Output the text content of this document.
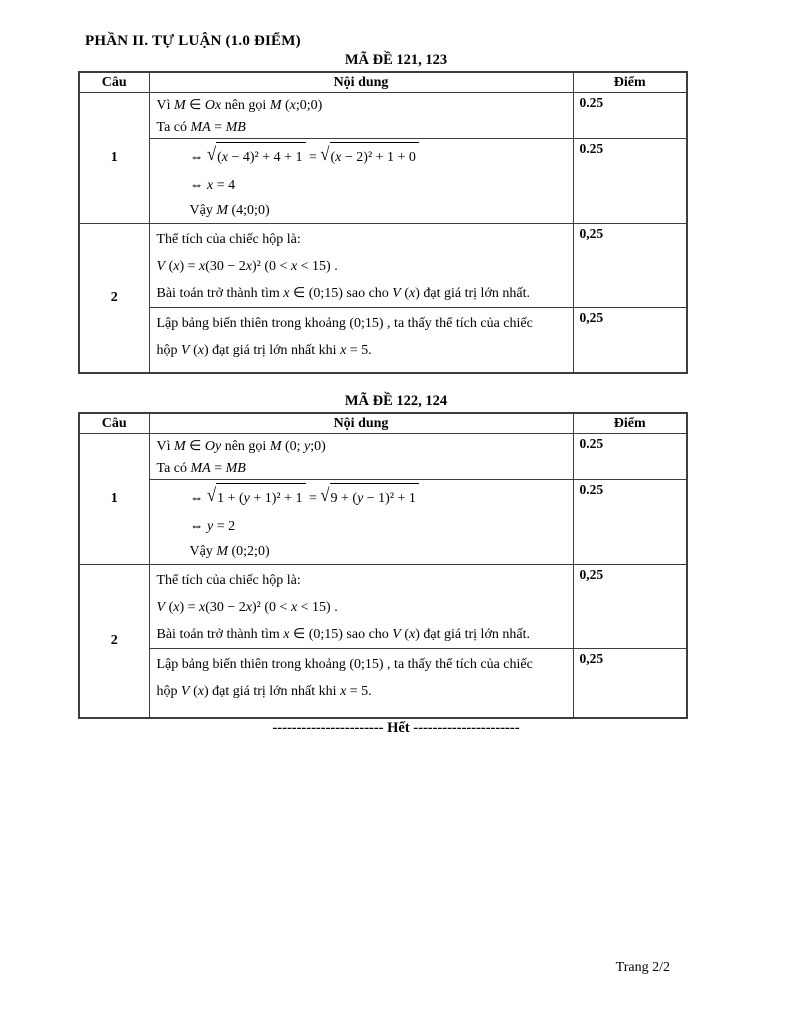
PHẦN II. TỰ LUẬN (1.0 ĐIỂM)
MÃ ĐỀ 121, 123
Câu	Nội dung	Điểm
1	Vì M ∈ Ox nên gọi M (x;0;0)
Ta có MA = MB	0.25

	⇔ √(x − 4)² + 4 + 1 = √(x − 2)² + 1 + 0
⇔ x = 4
Vậy M (4;0;0)	0.25
2	Thể tích của chiếc hộp là:
V (x) = x(30 − 2x)² (0 < x < 15) .
Bài toán trở thành tìm x ∈ (0;15) sao cho V (x) đạt giá trị lớn nhất.	0,25

	Lập bảng biến thiên trong khoảng (0;15) , ta thấy thể tích của chiếc
hộp V (x) đạt giá trị lớn nhất khi x = 5.	0,25
MÃ ĐỀ 122, 124
Câu	Nội dung	Điểm
1	Vì M ∈ Oy nên gọi M (0; y;0)
Ta có MA = MB	0.25

	⇔ √1 + (y + 1)² + 1 = √9 + (y − 1)² + 1
⇔ y = 2
Vậy M (0;2;0)	0.25
2	Thể tích của chiếc hộp là:
V (x) = x(30 − 2x)² (0 < x < 15) .
Bài toán trở thành tìm x ∈ (0;15) sao cho V (x) đạt giá trị lớn nhất.	0,25

	Lập bảng biến thiên trong khoảng (0;15) , ta thấy thể tích của chiếc
hộp V (x) đạt giá trị lớn nhất khi x = 5.	0,25
----------------------- Hết ----------------------
Trang 2/2
